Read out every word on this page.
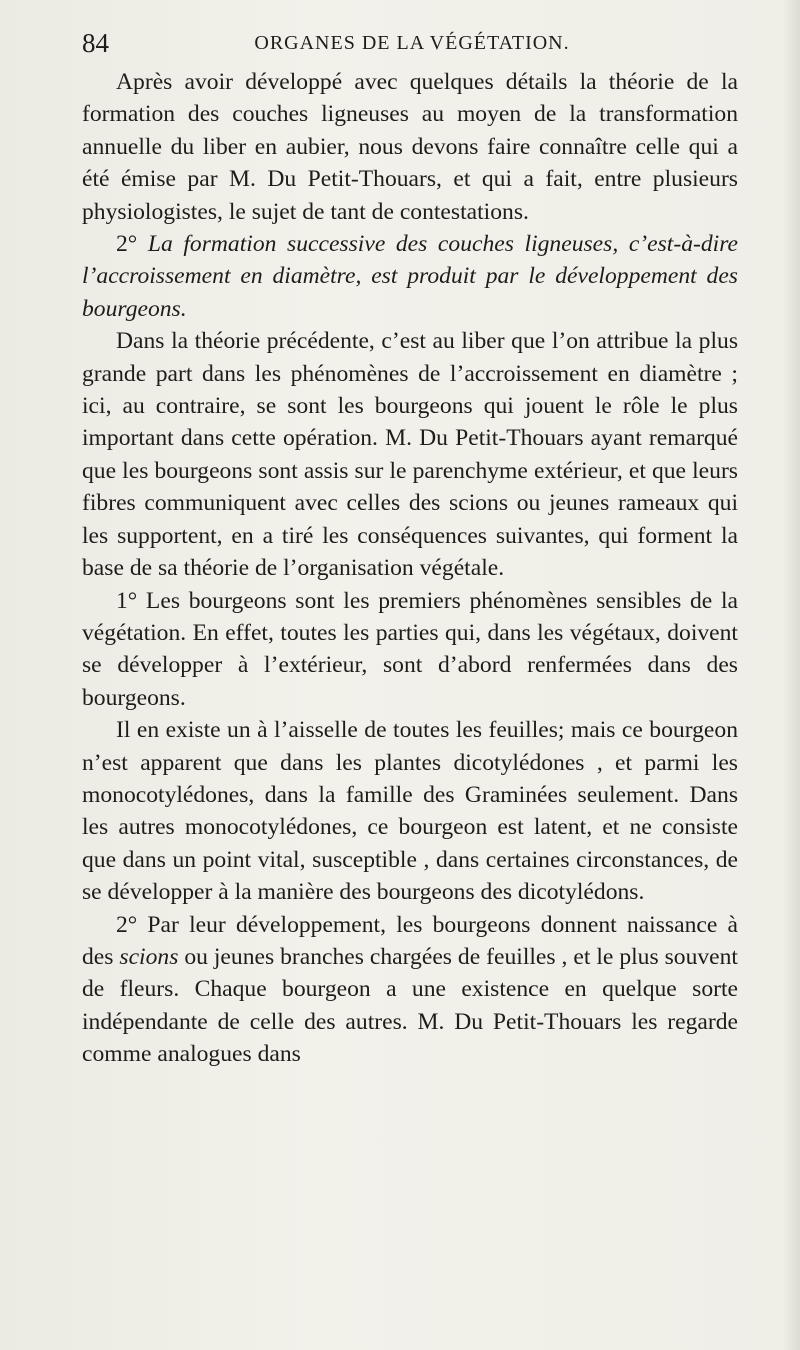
84	ORGANES DE LA VÉGÉTATION.

Après avoir développé avec quelques détails la théorie de la formation des couches ligneuses au moyen de la transformation annuelle du liber en aubier, nous devons faire connaître celle qui a été émise par M. Du Petit-Thouars, et qui a fait, entre plusieurs physiologistes, le sujet de tant de contestations.

2° La formation successive des couches ligneuses, c’est-à-dire l’accroissement en diamètre, est produit par le développement des bourgeons.

Dans la théorie précédente, c’est au liber que l’on attribue la plus grande part dans les phénomènes de l’accroissement en diamètre ; ici, au contraire, se sont les bourgeons qui jouent le rôle le plus important dans cette opération. M. Du Petit-Thouars ayant remarqué que les bourgeons sont assis sur le parenchyme extérieur, et que leurs fibres communiquent avec celles des scions ou jeunes rameaux qui les supportent, en a tiré les conséquences suivantes, qui forment la base de sa théorie de l’organisation végétale.

1° Les bourgeons sont les premiers phénomènes sensibles de la végétation. En effet, toutes les parties qui, dans les végétaux, doivent se développer à l’extérieur, sont d’abord renfermées dans des bourgeons.

Il en existe un à l’aisselle de toutes les feuilles; mais ce bourgeon n’est apparent que dans les plantes dicotylédones , et parmi les monocotylédones, dans la famille des Graminées seulement. Dans les autres monocotylédones, ce bourgeon est latent, et ne consiste que dans un point vital, susceptible , dans certaines circonstances, de se développer à la manière des bourgeons des dicotylédons.

2° Par leur développement, les bourgeons donnent naissance à des scions ou jeunes branches chargées de feuilles , et le plus souvent de fleurs. Chaque bourgeon a une existence en quelque sorte indépendante de celle des autres. M. Du Petit-Thouars les regarde comme analogues dans
